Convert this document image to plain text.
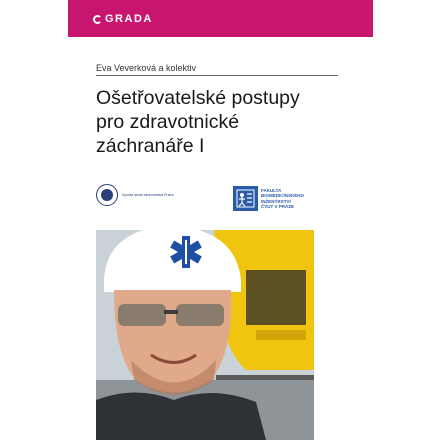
GRADA
Eva Veverková a kolektiv
Ošetřovatelské postupy
pro zdravotnické
záchranáře I
Vysoká škola zdravotnická Praha
FAKULTA
BIOMEDICÍNSKÉHO
INŽENÝRSTVÍ
ČVUT V PRAZE
